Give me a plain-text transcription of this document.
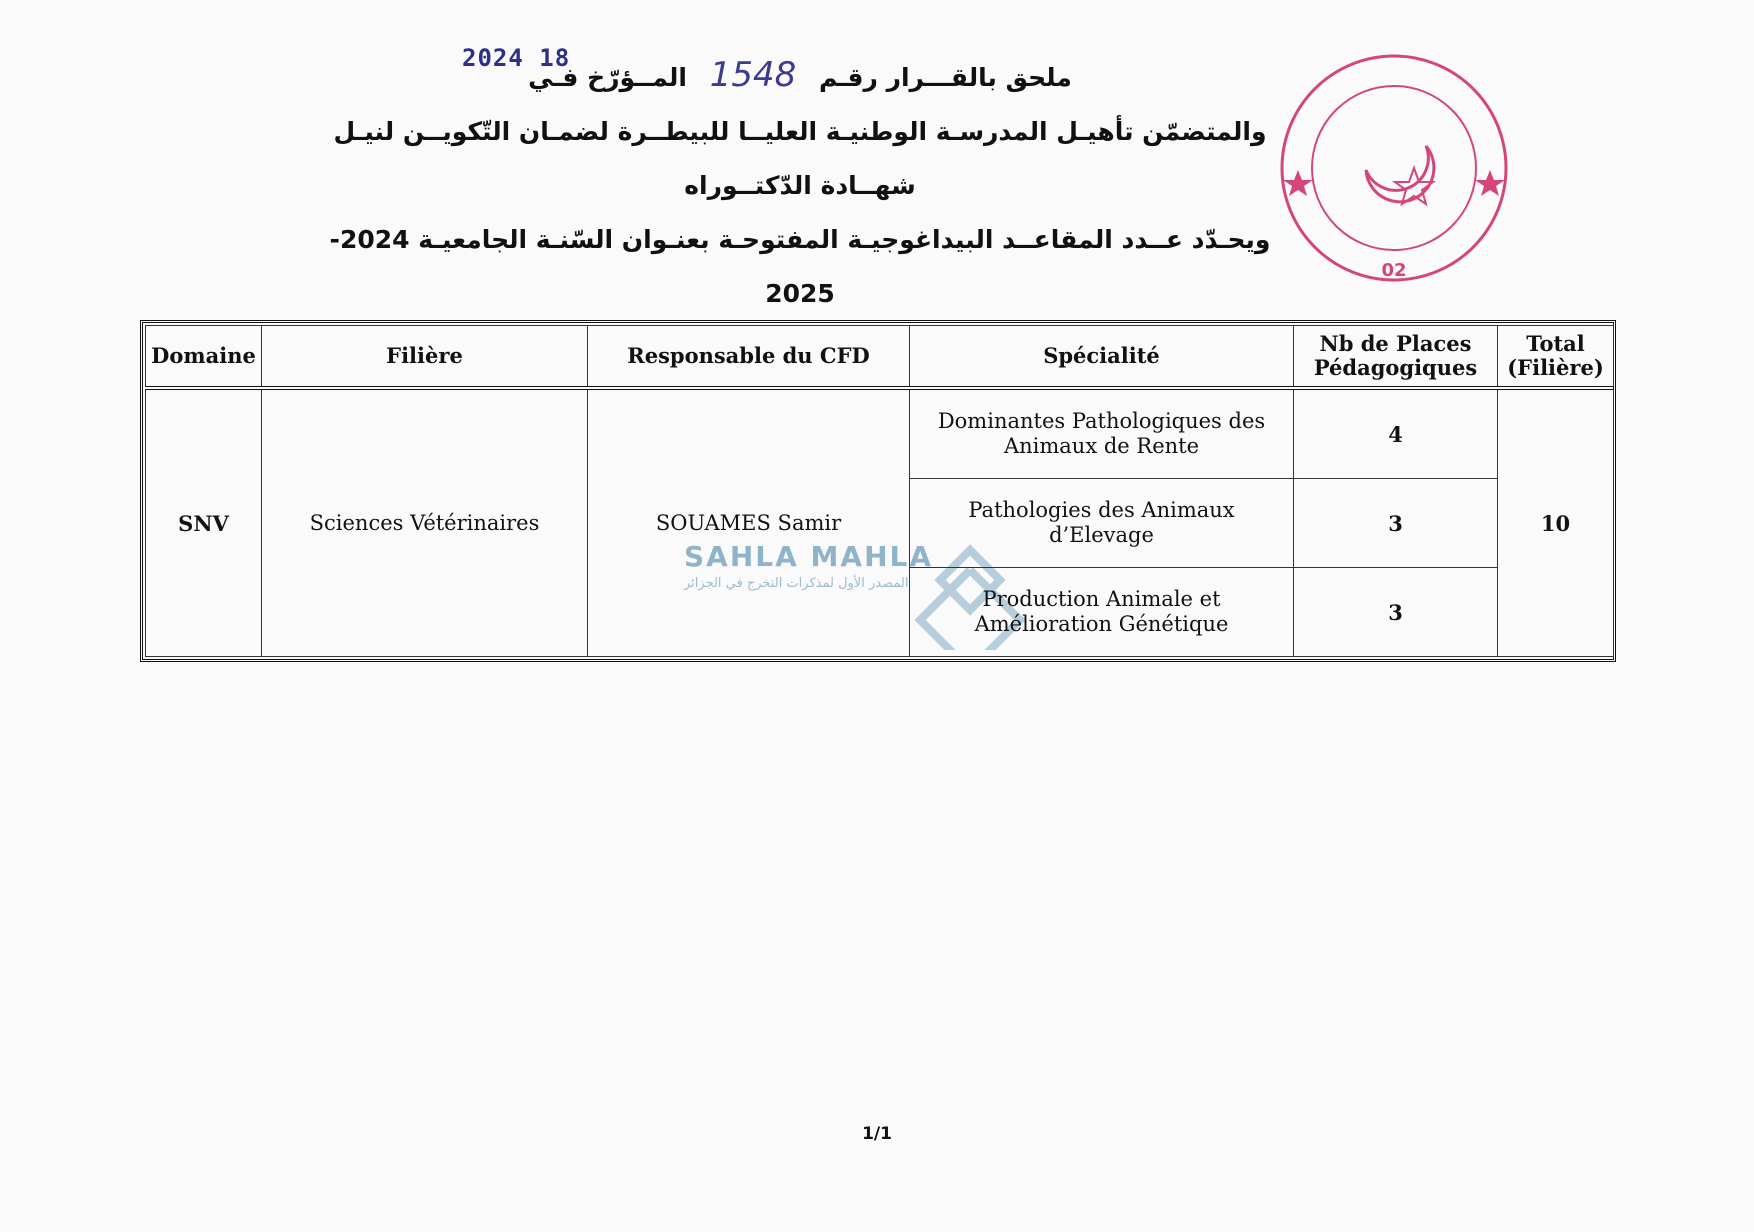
ملحق بالقـــرار رقـم 1548 المــؤرّخ فـي
والمتضمّن تأهيـل المدرسـة الوطنيـة العليــا للبيطــرة لضمـان التّكويــن لنيـل شهــادة الدّكتــوراه
ويحـدّد عــدد المقاعــد البيداغوجيـة المفتوحـة بعنـوان السّنـة الجامعيـة 2024-2025
2024 18
02
SAHLA MAHLA
المصدر الأول لمذكرات التخرج في الجزائر
Domaine	Filière	Responsable du CFD	Spécialité	Nb de Places Pédagogiques	Total (Filière)
SNV	Sciences Vétérinaires	SOUAMES Samir	Dominantes Pathologiques des Animaux de Rente	4	10
			Pathologies des Animaux d’Elevage	3	
			Production Animale et Amélioration Génétique	3	
1/1
